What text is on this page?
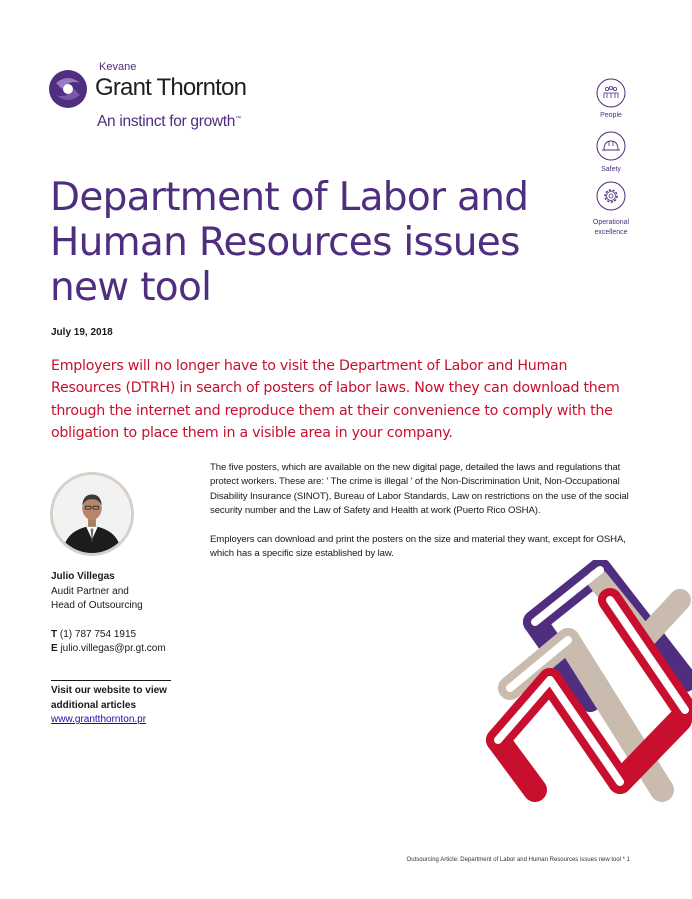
Kevane
Grant Thornton
An instinct for growth™	People
Safety
Operational excellence
Department of Labor and Human Resources issues new tool
July 19, 2018

Employers will no longer have to visit the Department of Labor and Human Resources (DTRH) in search of posters of labor laws. Now they can download them through the internet and reproduce them at their convenience to comply with the obligation to place them in a visible area in your company.

The five posters, which are available on the new digital page, detailed the laws and regulations that protect workers. These are: ' The crime is illegal ' of the Non-Discrimination Unit, Non-Occupational Disability Insurance (SINOT), Bureau of Labor Standards, Law on restrictions on the use of the social security number and the Law of Safety and Health at work (Puerto Rico OSHA).

Employers can download and print the posters on the size and material they want, except for OSHA, which has a specific size established by law.

Julio Villegas
Audit Partner and
Head of Outsourcing
T (1) 787 754 1915
E julio.villegas@pr.gt.com
Visit our website to view additional articles
www.grantthornton.pr
Outsourcing Article: Department of Labor and Human Resources issues new tool * 1
